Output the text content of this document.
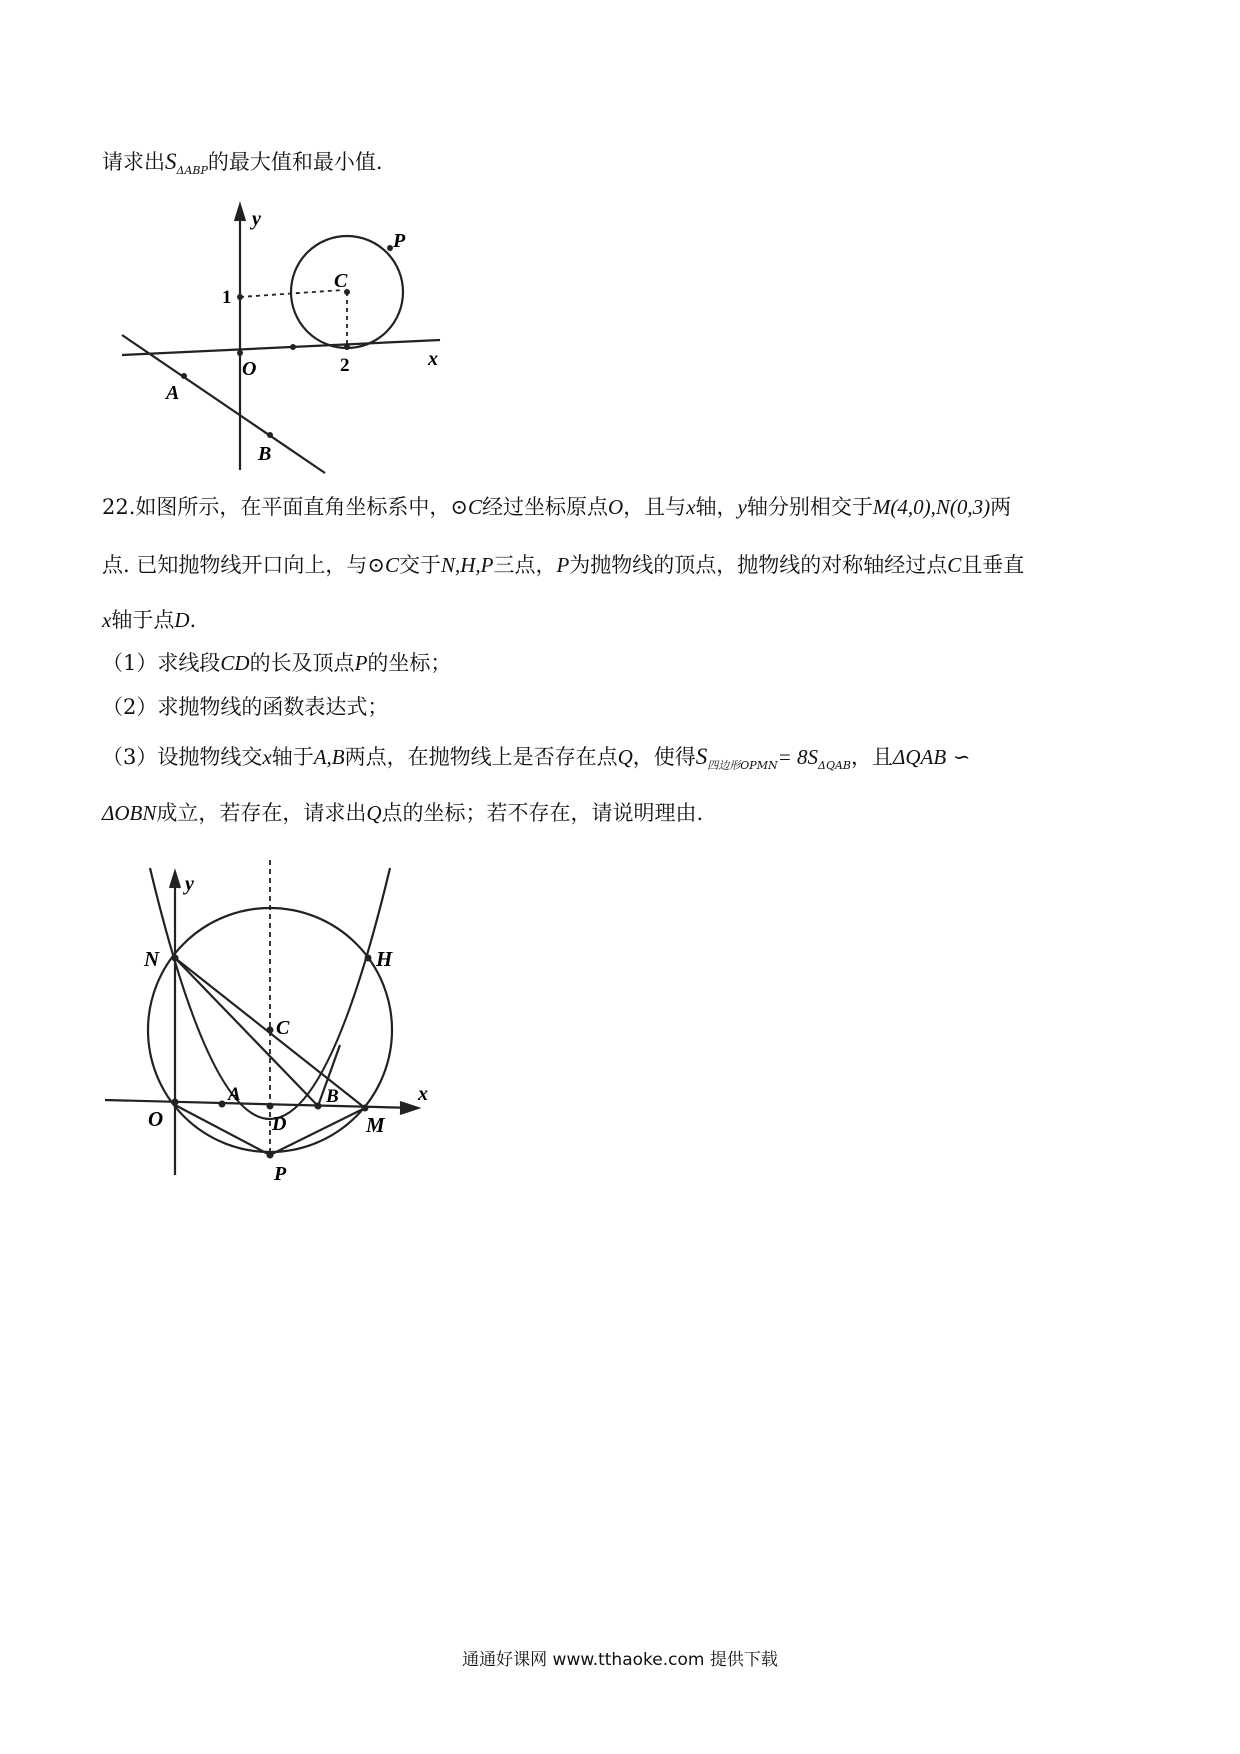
请求出$S_{\Delta ABP}$的最大值和最小值.
y
x
O
1
2
C
P
A
B
22.如图所示，在平面直角坐标系中，⊙C经过坐标原点O，且与x轴，y轴分别相交于M(4,0),N(0,3)两
点. 已知抛物线开口向上，与⊙C交于N,H,P三点，P为抛物线的顶点，抛物线的对称轴经过点C且垂直
x轴于点D.
（1）求线段CD的长及顶点P的坐标；
（2）求抛物线的函数表达式；
（3）设抛物线交x轴于A,B两点，在抛物线上是否存在点Q，使得$S_{四边形OPMN}= 8S_{\Delta QAB}$，且ΔQAB ∽
ΔOBN成立，若存在，请求出Q点的坐标；若不存在，请说明理由.
y
x
N	H
C
A	B
O	D	M
P
通通好课网 www.tthaoke.com 提供下载
